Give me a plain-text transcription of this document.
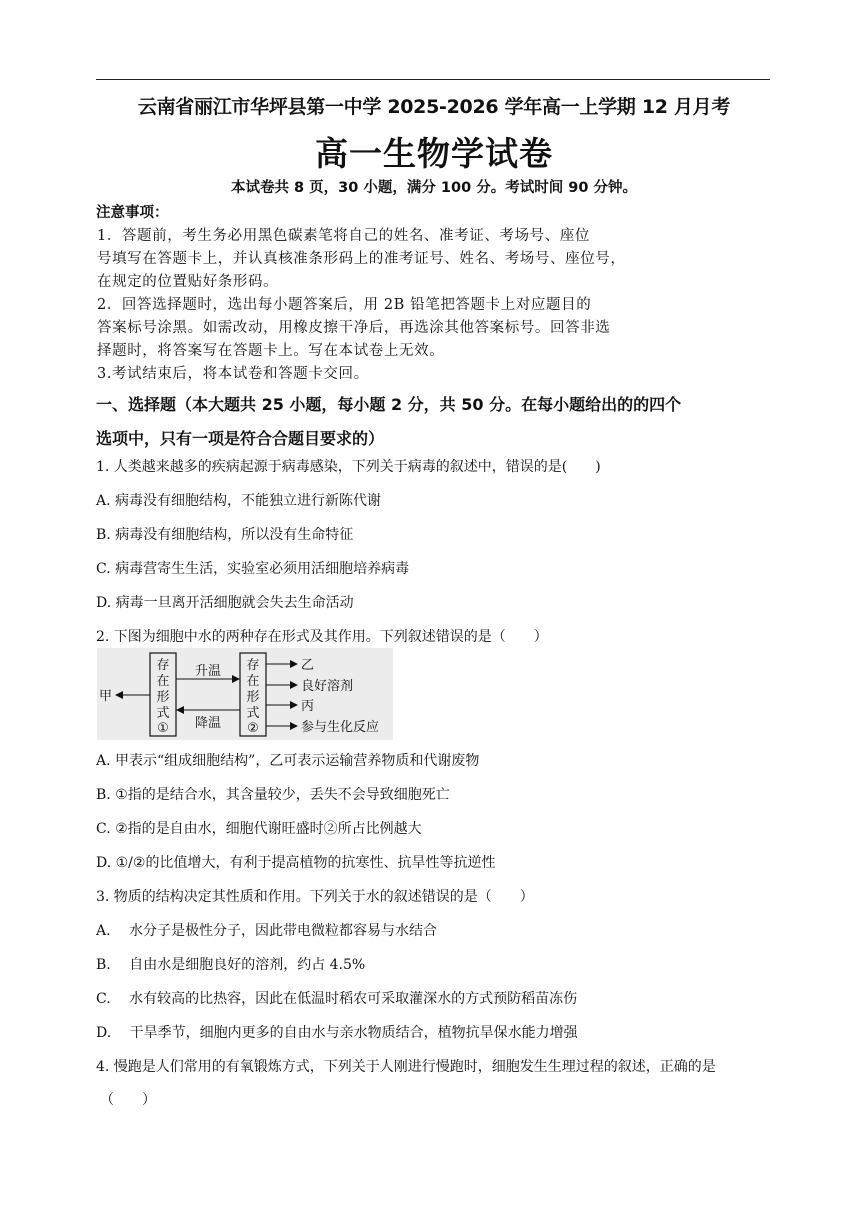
云南省丽江市华坪县第一中学 2025-2026 学年高一上学期 12 月月考
高一生物学试卷
本试卷共 8 页，30 小题，满分 100 分。考试时间 90 分钟。
注意事项：
1．答题前，考生务必用黑色碳素笔将自己的姓名、准考证、考场号、座位
号填写在答题卡上，并认真核准条形码上的准考证号、姓名、考场号、座位号，
在规定的位置贴好条形码。
2．回答选择题时，选出每小题答案后，用 2B 铅笔把答题卡上对应题目的
答案标号涂黑。如需改动，用橡皮擦干净后，再选涂其他答案标号。回答非选
择题时，将答案写在答题卡上。写在本试卷上无效。
3.考试结束后，将本试卷和答题卡交回。
一、选择题（本大题共 25 小题，每小题 2 分，共 50 分。在每小题给出的的四个
选项中，只有一项是符合合题目要求的）
1. 人类越来越多的疾病起源于病毒感染，下列关于病毒的叙述中，错误的是(　　)
A. 病毒没有细胞结构，不能独立进行新陈代谢
B. 病毒没有细胞结构，所以没有生命特征
C. 病毒营寄生生活，实验室必须用活细胞培养病毒
D. 病毒一旦离开活细胞就会失去生命活动
2. 下图为细胞中水的两种存在形式及其作用。下列叙述错误的是（　　）
存
在
形
式
①
存
在
形
式
②
甲
升温
降温
乙
良好溶剂
丙
参与生化反应
A. 甲表示“组成细胞结构”，乙可表示运输营养物质和代谢废物
B. ①指的是结合水，其含量较少，丢失不会导致细胞死亡
C. ②指的是自由水，细胞代谢旺盛时②所占比例越大
D. ①/②的比值增大，有利于提高植物的抗寒性、抗旱性等抗逆性
3. 物质的结构决定其性质和作用。下列关于水的叙述错误的是（　　）
A.　 水分子是极性分子，因此带电微粒都容易与水结合
B.　 自由水是细胞良好的溶剂，约占 4.5%
C.　 水有较高的比热容，因此在低温时稻农可采取灌深水的方式预防稻苗冻伤
D.　 干旱季节，细胞内更多的自由水与亲水物质结合，植物抗旱保水能力增强
4. 慢跑是人们常用的有氧锻炼方式，下列关于人刚进行慢跑时，细胞发生生理过程的叙述，正确的是
（　　）
